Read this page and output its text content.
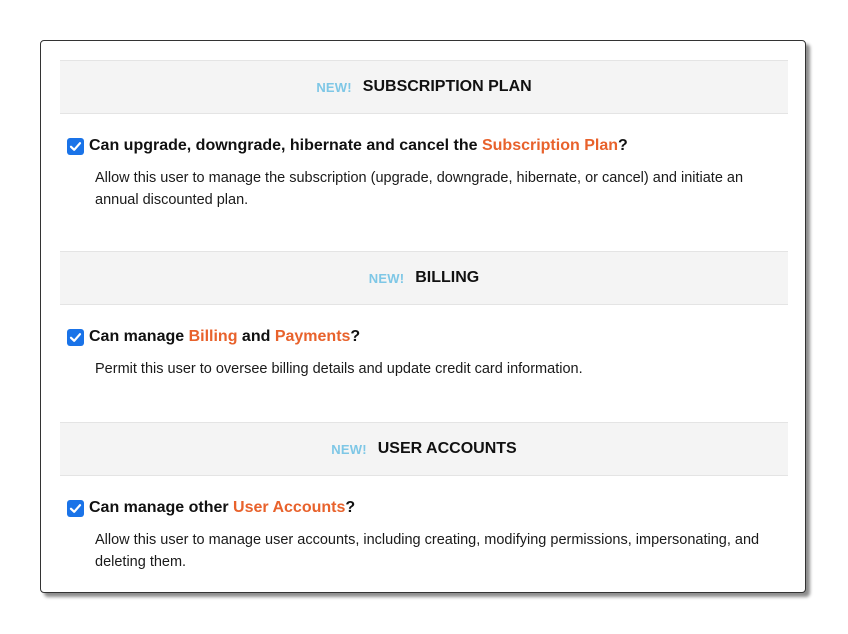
NEW! SUBSCRIPTION PLAN
Can upgrade, downgrade, hibernate and cancel the Subscription Plan?
Allow this user to manage the subscription (upgrade, downgrade, hibernate, or cancel) and initiate an annual discounted plan.
NEW! BILLING
Can manage Billing and Payments?
Permit this user to oversee billing details and update credit card information.
NEW! USER ACCOUNTS
Can manage other User Accounts?
Allow this user to manage user accounts, including creating, modifying permissions, impersonating, and deleting them.
